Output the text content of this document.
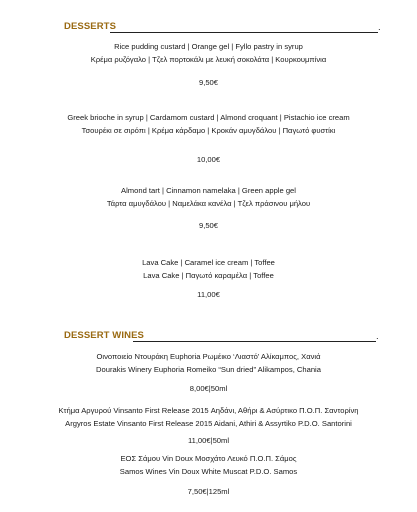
DESSERTS	.
Rice pudding custard | Orange gel | Fyllo pastry in syrup
Κρέμα ρυζόγαλο | Τζελ πορτοκάλι με λευκή σοκολάτα | Κουρκουμπίνια
9,50€
Greek brioche in syrup | Cardamom custard | Almond croquant | Pistachio ice cream
Τσουρέκι σε σιρόπι | Κρέμα κάρδαμο | Κροκάν αμυγδάλου | Παγωτό φυστίκι
10,00€
Almond tart | Cinnamon namelaka | Green apple gel
Τάρτα αμυγδάλου | Ναμελάκα κανέλα | Τζελ πράσινου μήλου
9,50€
Lava Cake | Caramel ice cream | Toffee
Lava Cake | Παγωτό καραμέλα | Toffee
11,00€
DESSERT WINES	.
Οινοποιείο Ντουράκη Euphoria Ρωμέικο ‘Λιαστό’ Αλίκαμπος, Χανιά
Dourakis Winery Euphoria Romeiko “Sun dried” Alikampos, Chania
8,00€|50ml
Κτήμα Αργυρού Vinsanto First Release 2015 Αηδάνι, Αθήρι & Ασύρτικο Π.Ο.Π. Σαντορίνη
Argyros Estate Vinsanto First Release 2015 Aidani, Athiri & Assyrtiko P.D.O. Santorini
11,00€|50ml
ΕΟΣ Σάμου Vin Doux Μοσχάτο Λευκό Π.Ο.Π. Σάμος
Samos Wines Vin Doux White Muscat P.D.O. Samos
7,50€|125ml
